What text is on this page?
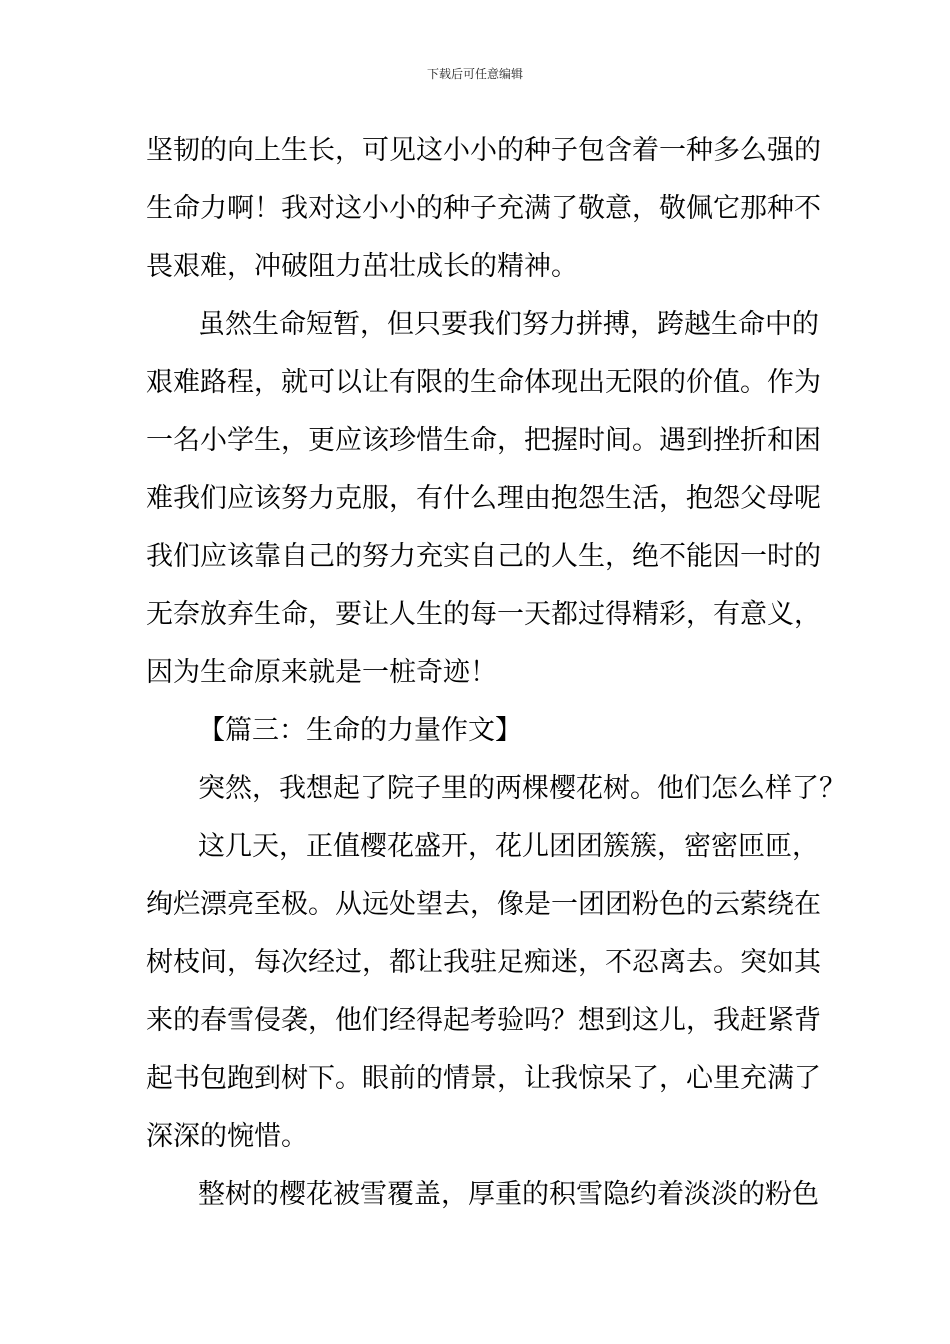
下载后可任意编辑
坚韧的向上生长，可见这小小的种子包含着一种多么强的
生命力啊！我对这小小的种子充满了敬意，敬佩它那种不
畏艰难，冲破阻力茁壮成长的精神。
虽然生命短暂，但只要我们努力拼搏，跨越生命中的
艰难路程，就可以让有限的生命体现出无限的价值。作为
一名小学生，更应该珍惜生命，把握时间。遇到挫折和困
难我们应该努力克服，有什么理由抱怨生活，抱怨父母呢
我们应该靠自己的努力充实自己的人生，绝不能因一时的
无奈放弃生命，要让人生的每一天都过得精彩，有意义，
因为生命原来就是一桩奇迹！
【篇三：生命的力量作文】
突然，我想起了院子里的两棵樱花树。他们怎么样了？
这几天，正值樱花盛开，花儿团团簇簇，密密匝匝，
绚烂漂亮至极。从远处望去，像是一团团粉色的云萦绕在
树枝间，每次经过，都让我驻足痴迷，不忍离去。突如其
来的春雪侵袭，他们经得起考验吗？想到这儿，我赶紧背
起书包跑到树下。眼前的情景，让我惊呆了，心里充满了
深深的惋惜。
整树的樱花被雪覆盖，厚重的积雪隐约着淡淡的粉色
